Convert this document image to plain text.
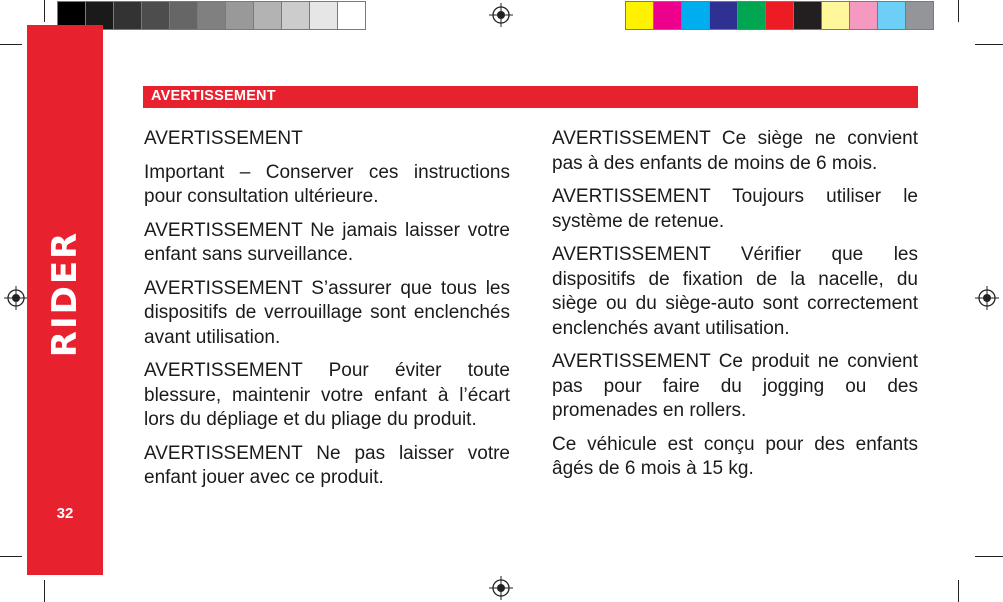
RIDER
32
AVERTISSEMENT

AVERTISSEMENT

Important – Conserver ces instructions pour consultation ultérieure.

AVERTISSEMENT Ne jamais laisser votre enfant sans surveillance.

AVERTISSEMENT S’assurer que tous les dispositifs de verrouillage sont enclenchés avant utilisation.

AVERTISSEMENT Pour éviter toute blessure, maintenir votre enfant à l’écart lors du dépliage et du pliage du produit.

AVERTISSEMENT Ne pas laisser votre enfant jouer avec ce produit.

AVERTISSEMENT Ce siège ne convient pas à des enfants de moins de 6 mois.

AVERTISSEMENT Toujours utiliser le système de retenue.

AVERTISSEMENT Vérifier que les dispositifs de fixation de la nacelle, du siège ou du siège-auto sont correctement enclenchés avant utilisation.

AVERTISSEMENT Ce produit ne convient pas pour faire du jogging ou des promenades en rollers.

Ce véhicule est conçu pour des enfants âgés de 6 mois à 15 kg.
